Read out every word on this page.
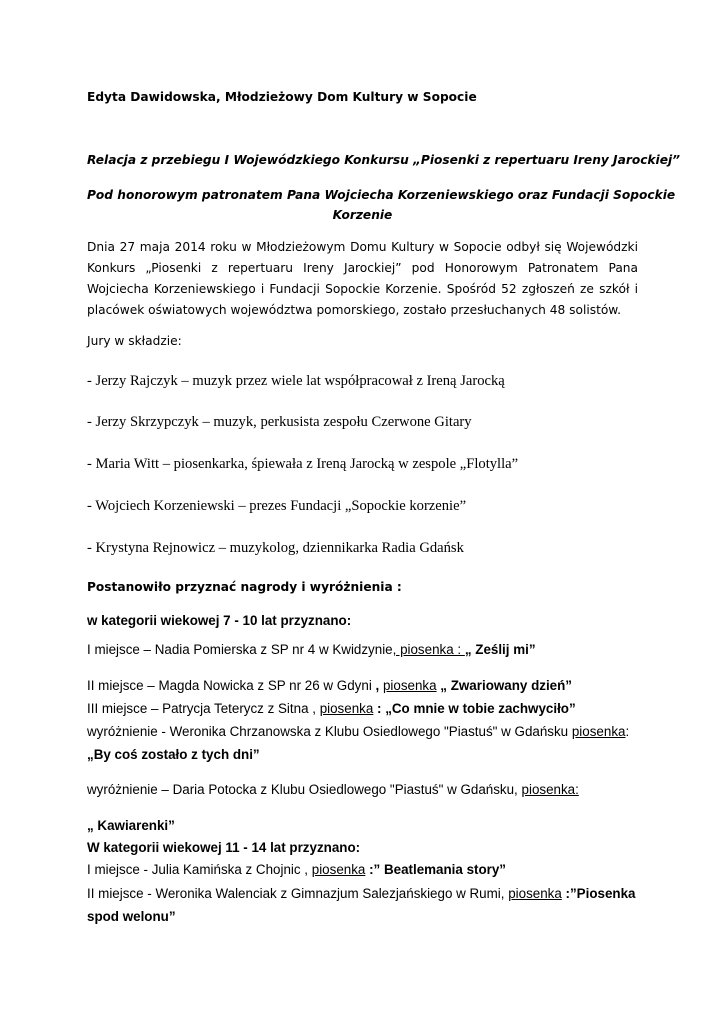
Edyta Dawidowska, Młodzieżowy Dom Kultury w Sopocie
Relacja z przebiegu I Wojewódzkiego Konkursu „Piosenki z repertuaru Ireny Jarockiej”
Pod honorowym patronatem Pana Wojciecha Korzeniewskiego oraz Fundacji Sopockie
Korzenie
Dnia 27 maja 2014 roku w Młodzieżowym Domu Kultury w Sopocie odbył się Wojewódzki
Konkurs „Piosenki z repertuaru Ireny Jarockiej” pod Honorowym Patronatem Pana
Wojciecha Korzeniewskiego i Fundacji Sopockie Korzenie. Spośród 52 zgłoszeń ze szkół i
placówek oświatowych województwa pomorskiego, zostało przesłuchanych 48 solistów.
Jury w składzie:
- Jerzy Rajczyk – muzyk przez wiele lat współpracował z Ireną Jarocką
- Jerzy Skrzypczyk – muzyk, perkusista zespołu Czerwone Gitary
- Maria Witt – piosenkarka, śpiewała z Ireną Jarocką w zespole „Flotylla”
- Wojciech Korzeniewski – prezes Fundacji „Sopockie korzenie”
- Krystyna Rejnowicz – muzykolog, dziennikarka Radia Gdańsk
Postanowiło przyznać nagrody i wyróżnienia :
w kategorii wiekowej 7 - 10 lat przyznano:
I miejsce – Nadia Pomierska z SP nr 4 w Kwidzynie, piosenka : „ Ześlij mi”
II miejsce – Magda Nowicka z SP nr 26 w Gdyni , piosenka „ Zwariowany dzień”
III miejsce – Patrycja Teterycz z Sitna , piosenka : „Co mnie w tobie zachwyciło”
wyróżnienie - Weronika Chrzanowska z Klubu Osiedlowego "Piastuś" w Gdańsku piosenka:
„By coś zostało z tych dni”
wyróżnienie – Daria Potocka z Klubu Osiedlowego "Piastuś" w Gdańsku, piosenka:
„ Kawiarenki”
W kategorii wiekowej 11 - 14 lat przyznano:
I miejsce - Julia Kamińska z Chojnic , piosenka :” Beatlemania story”
II miejsce - Weronika Walenciak z Gimnazjum Salezjańskiego w Rumi, piosenka :”Piosenka
spod welonu”
